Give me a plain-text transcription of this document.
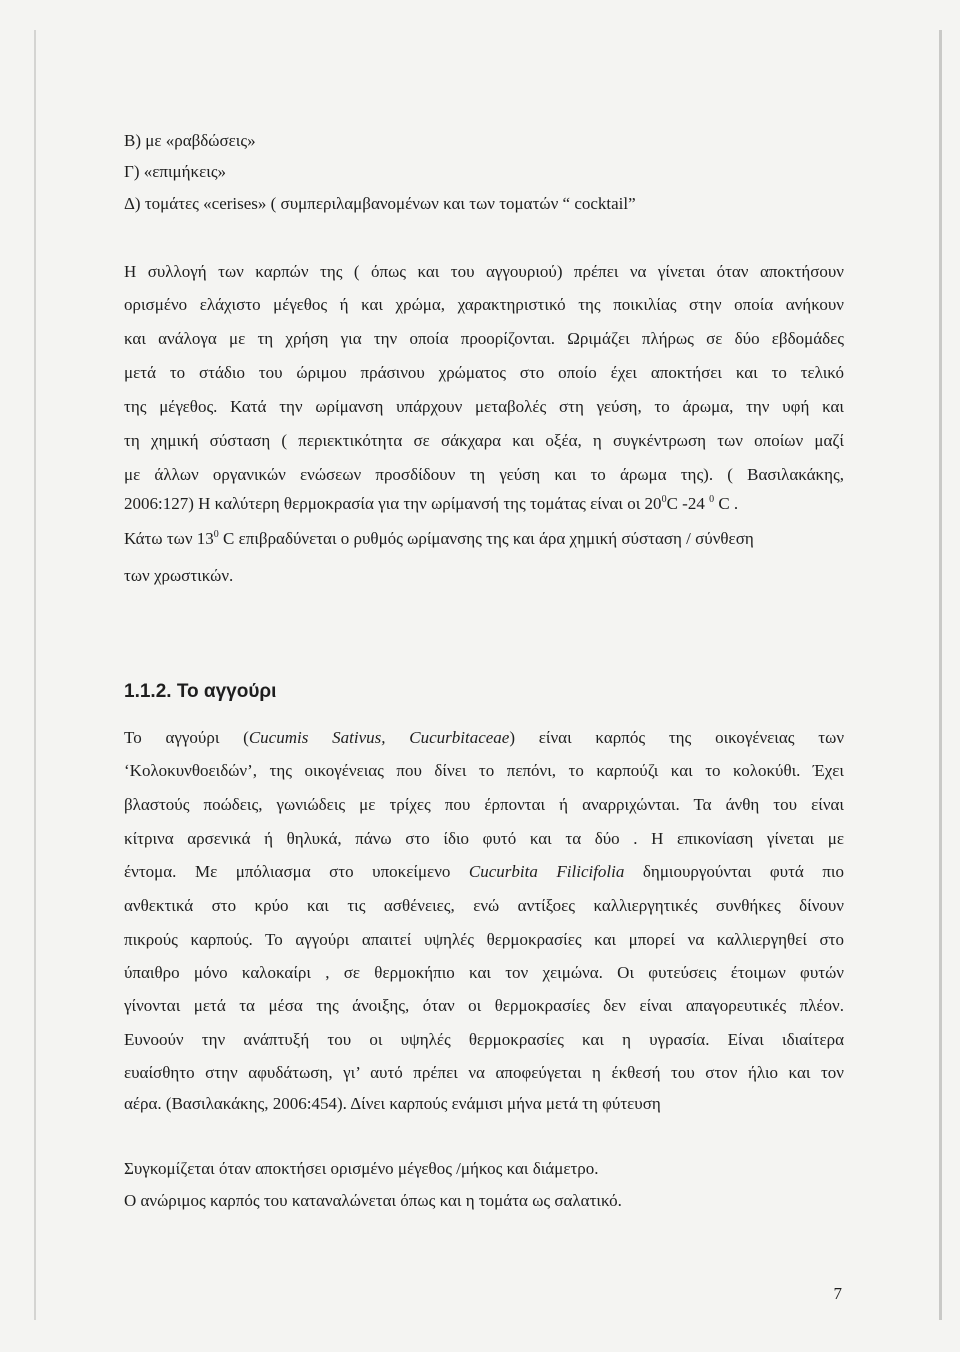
Β) με «ραβδώσεις»
Γ) «επιμήκεις»
Δ) τομάτες «cerises» ( συμπεριλαμβανομένων και των τοματών “ cocktail”
Η συλλογή των καρπών της ( όπως και του αγγουριού) πρέπει να γίνεται όταν αποκτήσουν
ορισμένο ελάχιστο μέγεθος ή και χρώμα, χαρακτηριστικό της ποικιλίας στην οποία ανήκουν
και ανάλογα με τη χρήση για την οποία προορίζονται. Ωριμάζει πλήρως σε δύο εβδομάδες
μετά το στάδιο του ώριμου πράσινου χρώματος στο οποίο έχει αποκτήσει και το τελικό
της μέγεθος. Κατά την ωρίμανση υπάρχουν μεταβολές στη γεύση, το άρωμα, την υφή και
τη χημική σύσταση ( περιεκτικότητα σε σάκχαρα και οξέα, η συγκέντρωση των οποίων μαζί
με άλλων οργανικών ενώσεων προσδίδουν τη γεύση και το άρωμα της). ( Βασιλακάκης,
2006:127) Η καλύτερη θερμοκρασία για την ωρίμανσή της τομάτας είναι οι $20^0C$ -24 $^0$ C .
Κάτω των $13^0$ C επιβραδύνεται ο ρυθμός ωρίμανσης της και άρα χημική σύσταση / σύνθεση
των χρωστικών.
1.1.2. Το αγγούρι
Το αγγούρι (Cucumis Sativus, Cucurbitaceae) είναι καρπός της οικογένειας των
‘Κολοκυνθοειδών’, της οικογένειας που δίνει το πεπόνι, το καρπούζι και το κολοκύθι. Έχει
βλαστούς ποώδεις, γωνιώδεις με τρίχες που έρπονται ή αναρριχώνται. Τα άνθη του είναι
κίτρινα αρσενικά ή θηλυκά, πάνω στο ίδιο φυτό και τα δύο . Η επικονίαση γίνεται με
έντομα. Με μπόλιασμα στο υποκείμενο Cucurbita Filicifolia δημιουργούνται φυτά πιο
ανθεκτικά στο κρύο και τις ασθένειες, ενώ αντίξοες καλλιεργητικές συνθήκες δίνουν
πικρούς καρπούς. Το αγγούρι απαιτεί υψηλές θερμοκρασίες και μπορεί να καλλιεργηθεί στο
ύπαιθρο μόνο καλοκαίρι , σε θερμοκήπιο και τον χειμώνα. Οι φυτεύσεις έτοιμων φυτών
γίνονται μετά τα μέσα της άνοιξης, όταν οι θερμοκρασίες δεν είναι απαγορευτικές πλέον.
Ευνοούν την ανάπτυξή του οι υψηλές θερμοκρασίες και η υγρασία. Είναι ιδιαίτερα
ευαίσθητο στην αφυδάτωση, γι’ αυτό πρέπει να αποφεύγεται η έκθεσή του στον ήλιο και τον
αέρα. (Βασιλακάκης, 2006:454). Δίνει καρπούς ενάμισι μήνα μετά τη φύτευση
Συγκομίζεται όταν αποκτήσει ορισμένο μέγεθος /μήκος και διάμετρο.
Ο ανώριμος καρπός του καταναλώνεται όπως και η τομάτα ως σαλατικό.
7
